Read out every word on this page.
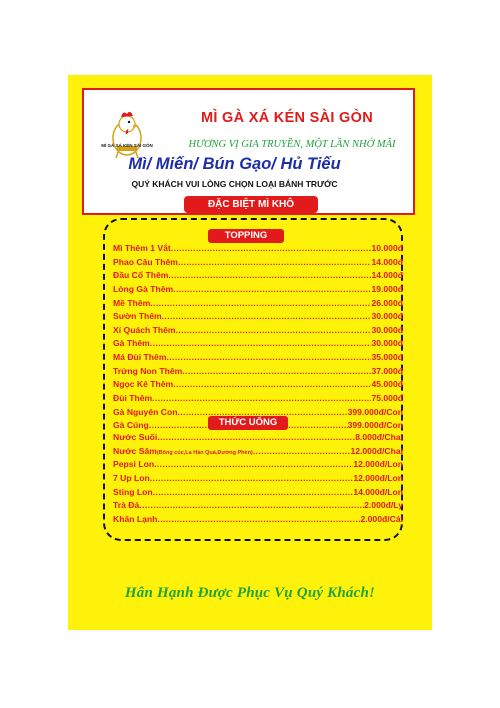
MÌ GÀ XÁ KÉN SÀI GÒN
MÌ GÀ XÁ KÉN SÀI GÒN
HƯƠNG VỊ GIA TRUYỀN, MỘT LẦN NHỚ MÃI
Mì/ Miến/ Bún Gạo/ Hủ Tiếu
QUÝ KHÁCH VUI LÒNG CHỌN LOẠI BÁNH TRƯỚC
ĐẶC BIỆT MÌ KHÔ
TOPPING
Mì Thêm 1 Vắt .....	10.000đ
Phao Câu Thêm .....	14.000đ
Đầu Cổ Thêm .....	14.000đ
Lòng Gà Thêm .....	19.000đ
Mề Thêm .....	26.000đ
Sườn Thêm .....	30.000đ
Xí Quách Thêm .....	30.000đ
Gà Thêm .....	30.000đ
Má Đùi Thêm .....	35.000đ
Trứng Non Thêm .....	37.000đ
Ngọc Kê Thêm .....	45.000đ
Đùi Thêm .....	75.000đ
Gà Nguyên Con .....	399.000đ/Con
Gà Cúng .....	399.000đ/Con
THỨC UỐNG
Nước Suối .....	8.000đ/Chai
Nước Sâm (Bông cúc,La Hán Quả,Đường Phèn) .....	12.000đ/Chai
Pepsi Lon .....	12.000đ/Lon
7 Up Lon .....	12.000đ/Lon
Sting Lon .....	14.000đ/Lon
Trà Đá .....	2.000đ/Ly
Khăn Lạnh .....	2.000đ/Cái
Hân Hạnh Được Phục Vụ Quý Khách!
